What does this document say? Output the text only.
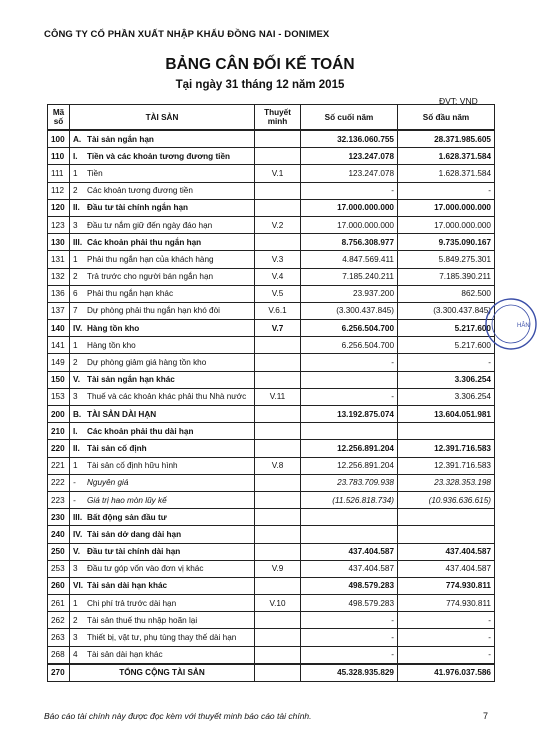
CÔNG TY CỔ PHẦN XUẤT NHẬP KHẨU ĐỒNG NAI - DONIMEX
BẢNG CÂN ĐỐI KẾ TOÁN
Tại ngày 31 tháng 12 năm 2015
ĐVT: VND
Mã số	TÀI SẢN	Thuyết minh	Số cuối năm	Số đầu năm
100	A. Tài sản ngắn hạn		32.136.060.755	28.371.985.605
110	I. Tiền và các khoản tương đương tiền		123.247.078	1.628.371.584
111	1 Tiền	V.1	123.247.078	1.628.371.584
112	2 Các khoản tương đương tiền		-	-
120	II. Đầu tư tài chính ngắn hạn		17.000.000.000	17.000.000.000
123	3 Đầu tư nắm giữ đến ngày đáo hạn	V.2	17.000.000.000	17.000.000.000
130	III. Các khoản phải thu ngắn hạn		8.756.308.977	9.735.090.167
131	1 Phải thu ngắn hạn của khách hàng	V.3	4.847.569.411	5.849.275.301
132	2 Trả trước cho người bán ngắn hạn	V.4	7.185.240.211	7.185.390.211
136	6 Phải thu ngắn hạn khác	V.5	23.937.200	862.500
137	7 Dự phòng phải thu ngắn hạn khó đòi	V.6.1	(3.300.437.845)	(3.300.437.845)
140	IV. Hàng tồn kho	V.7	6.256.504.700	5.217.600
141	1 Hàng tồn kho		6.256.504.700	5.217.600
149	2 Dự phòng giảm giá hàng tồn kho		-	-
150	V. Tài sản ngắn hạn khác			3.306.254
153	3 Thuế và các khoản khác phải thu Nhà nước	V.11	-	3.306.254
200	B. TÀI SẢN DÀI HẠN		13.192.875.074	13.604.051.981
210	I. Các khoản phải thu dài hạn			
220	II. Tài sản cố định		12.256.891.204	12.391.716.583
221	1 Tài sản cố định hữu hình	V.8	12.256.891.204	12.391.716.583
222	- Nguyên giá		23.783.709.938	23.328.353.198
223	- Giá trị hao mòn lũy kế		(11.526.818.734)	(10.936.636.615)
230	III. Bất động sản đầu tư			
240	IV. Tài sản dở dang dài hạn			
250	V. Đầu tư tài chính dài hạn		437.404.587	437.404.587
253	3 Đầu tư góp vốn vào đơn vị khác	V.9	437.404.587	437.404.587
260	VI. Tài sản dài hạn khác		498.579.283	774.930.811
261	1 Chi phí trả trước dài hạn	V.10	498.579.283	774.930.811
262	2 Tài sản thuế thu nhập hoãn lại		-	-
263	3 Thiết bị, vật tư, phụ tùng thay thế dài hạn		-	-
268	4 Tài sản dài hạn khác		-	-
270	TỔNG CỘNG TÀI SẢN		45.328.935.829	41.976.037.586
HÂN
Báo cáo tài chính này được đọc kèm với thuyết minh báo cáo tài chính.	7
